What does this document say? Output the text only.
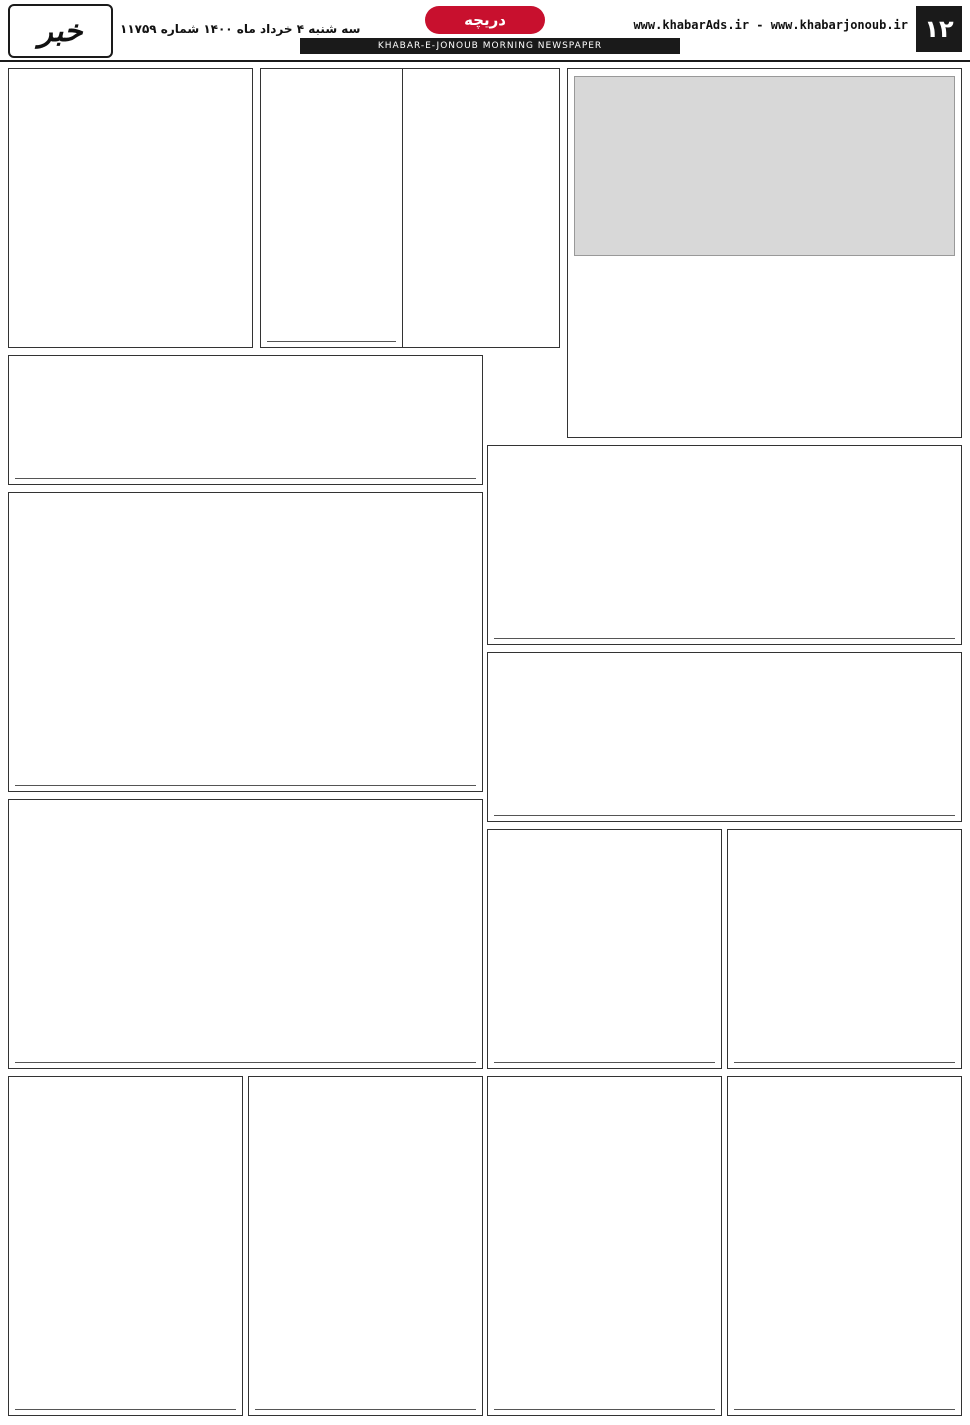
۱۲
www.khabarAds.ir - www.khabarjonoub.ir
دریچه
KHABAR-E-JONOUB MORNING NEWSPAPER
سه شنبه ۴ خرداد ماه ۱۴۰۰ شماره ۱۱۷۵۹
خبر
